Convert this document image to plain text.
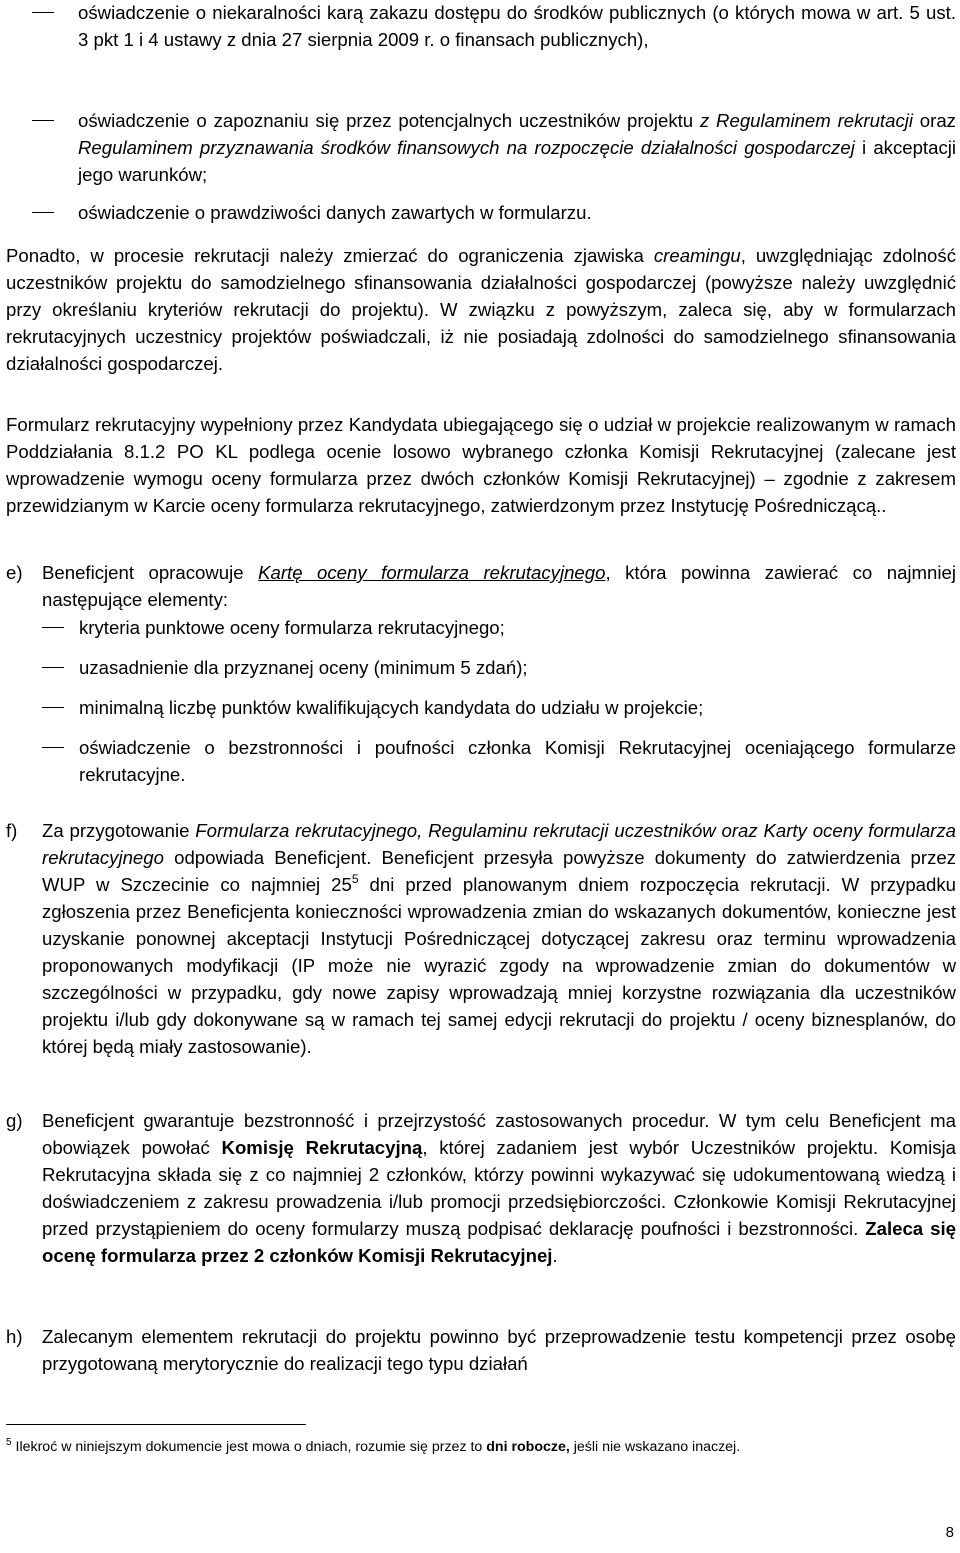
oświadczenie o niekaralności karą zakazu dostępu do środków publicznych (o których mowa w art. 5 ust. 3 pkt 1 i 4 ustawy z dnia 27 sierpnia 2009 r. o finansach publicznych),
oświadczenie o zapoznaniu się przez potencjalnych uczestników projektu z Regulaminem rekrutacji oraz Regulaminem przyznawania środków finansowych na rozpoczęcie działalności gospodarczej i akceptacji jego warunków;
oświadczenie o prawdziwości danych zawartych w formularzu.

Ponadto, w procesie rekrutacji należy zmierzać do ograniczenia zjawiska creamingu, uwzględniając zdolność uczestników projektu do samodzielnego sfinansowania działalności gospodarczej (powyższe należy uwzględnić przy określaniu kryteriów rekrutacji do projektu). W związku z powyższym, zaleca się, aby w formularzach rekrutacyjnych uczestnicy projektów poświadczali, iż nie posiadają zdolności do samodzielnego sfinansowania działalności gospodarczej.

Formularz rekrutacyjny wypełniony przez Kandydata ubiegającego się o udział w projekcie realizowanym w ramach Poddziałania 8.1.2 PO KL podlega ocenie losowo wybranego członka Komisji Rekrutacyjnej (zalecane jest wprowadzenie wymogu oceny formularza przez dwóch członków Komisji Rekrutacyjnej) – zgodnie z zakresem przewidzianym w Karcie oceny formularza rekrutacyjnego, zatwierdzonym przez Instytucję Pośredniczącą..

e) Beneficjent opracowuje Kartę oceny formularza rekrutacyjnego, która powinna zawierać co najmniej następujące elementy:
kryteria punktowe oceny formularza rekrutacyjnego;
uzasadnienie dla przyznanej oceny (minimum 5 zdań);
minimalną liczbę punktów kwalifikujących kandydata do udziału w projekcie;
oświadczenie o bezstronności i poufności członka Komisji Rekrutacyjnej oceniającego formularze rekrutacyjne.
f) Za przygotowanie Formularza rekrutacyjnego, Regulaminu rekrutacji uczestników oraz Karty oceny formularza rekrutacyjnego odpowiada Beneficjent. Beneficjent przesyła powyższe dokumenty do zatwierdzenia przez WUP w Szczecinie co najmniej $25^5$ dni przed planowanym dniem rozpoczęcia rekrutacji. W przypadku zgłoszenia przez Beneficjenta konieczności wprowadzenia zmian do wskazanych dokumentów, konieczne jest uzyskanie ponownej akceptacji Instytucji Pośredniczącej dotyczącej zakresu oraz terminu wprowadzenia proponowanych modyfikacji (IP może nie wyrazić zgody na wprowadzenie zmian do dokumentów w szczególności w przypadku, gdy nowe zapisy wprowadzają mniej korzystne rozwiązania dla uczestników projektu i/lub gdy dokonywane są w ramach tej samej edycji rekrutacji do projektu / oceny biznesplanów, do której będą miały zastosowanie).
g) Beneficjent gwarantuje bezstronność i przejrzystość zastosowanych procedur. W tym celu Beneficjent ma obowiązek powołać Komisję Rekrutacyjną, której zadaniem jest wybór Uczestników projektu. Komisja Rekrutacyjna składa się z co najmniej 2 członków, którzy powinni wykazywać się udokumentowaną wiedzą i doświadczeniem z zakresu prowadzenia i/lub promocji przedsiębiorczości. Członkowie Komisji Rekrutacyjnej przed przystąpieniem do oceny formularzy muszą podpisać deklarację poufności i bezstronności. Zaleca się ocenę formularza przez 2 członków Komisji Rekrutacyjnej.
h) Zalecanym elementem rekrutacji do projektu powinno być przeprowadzenie testu kompetencji przez osobę przygotowaną merytorycznie do realizacji tego typu działań
$^5$ Ilekroć w niniejszym dokumencie jest mowa o dniach, rozumie się przez to dni robocze, jeśli nie wskazano inaczej.
8
